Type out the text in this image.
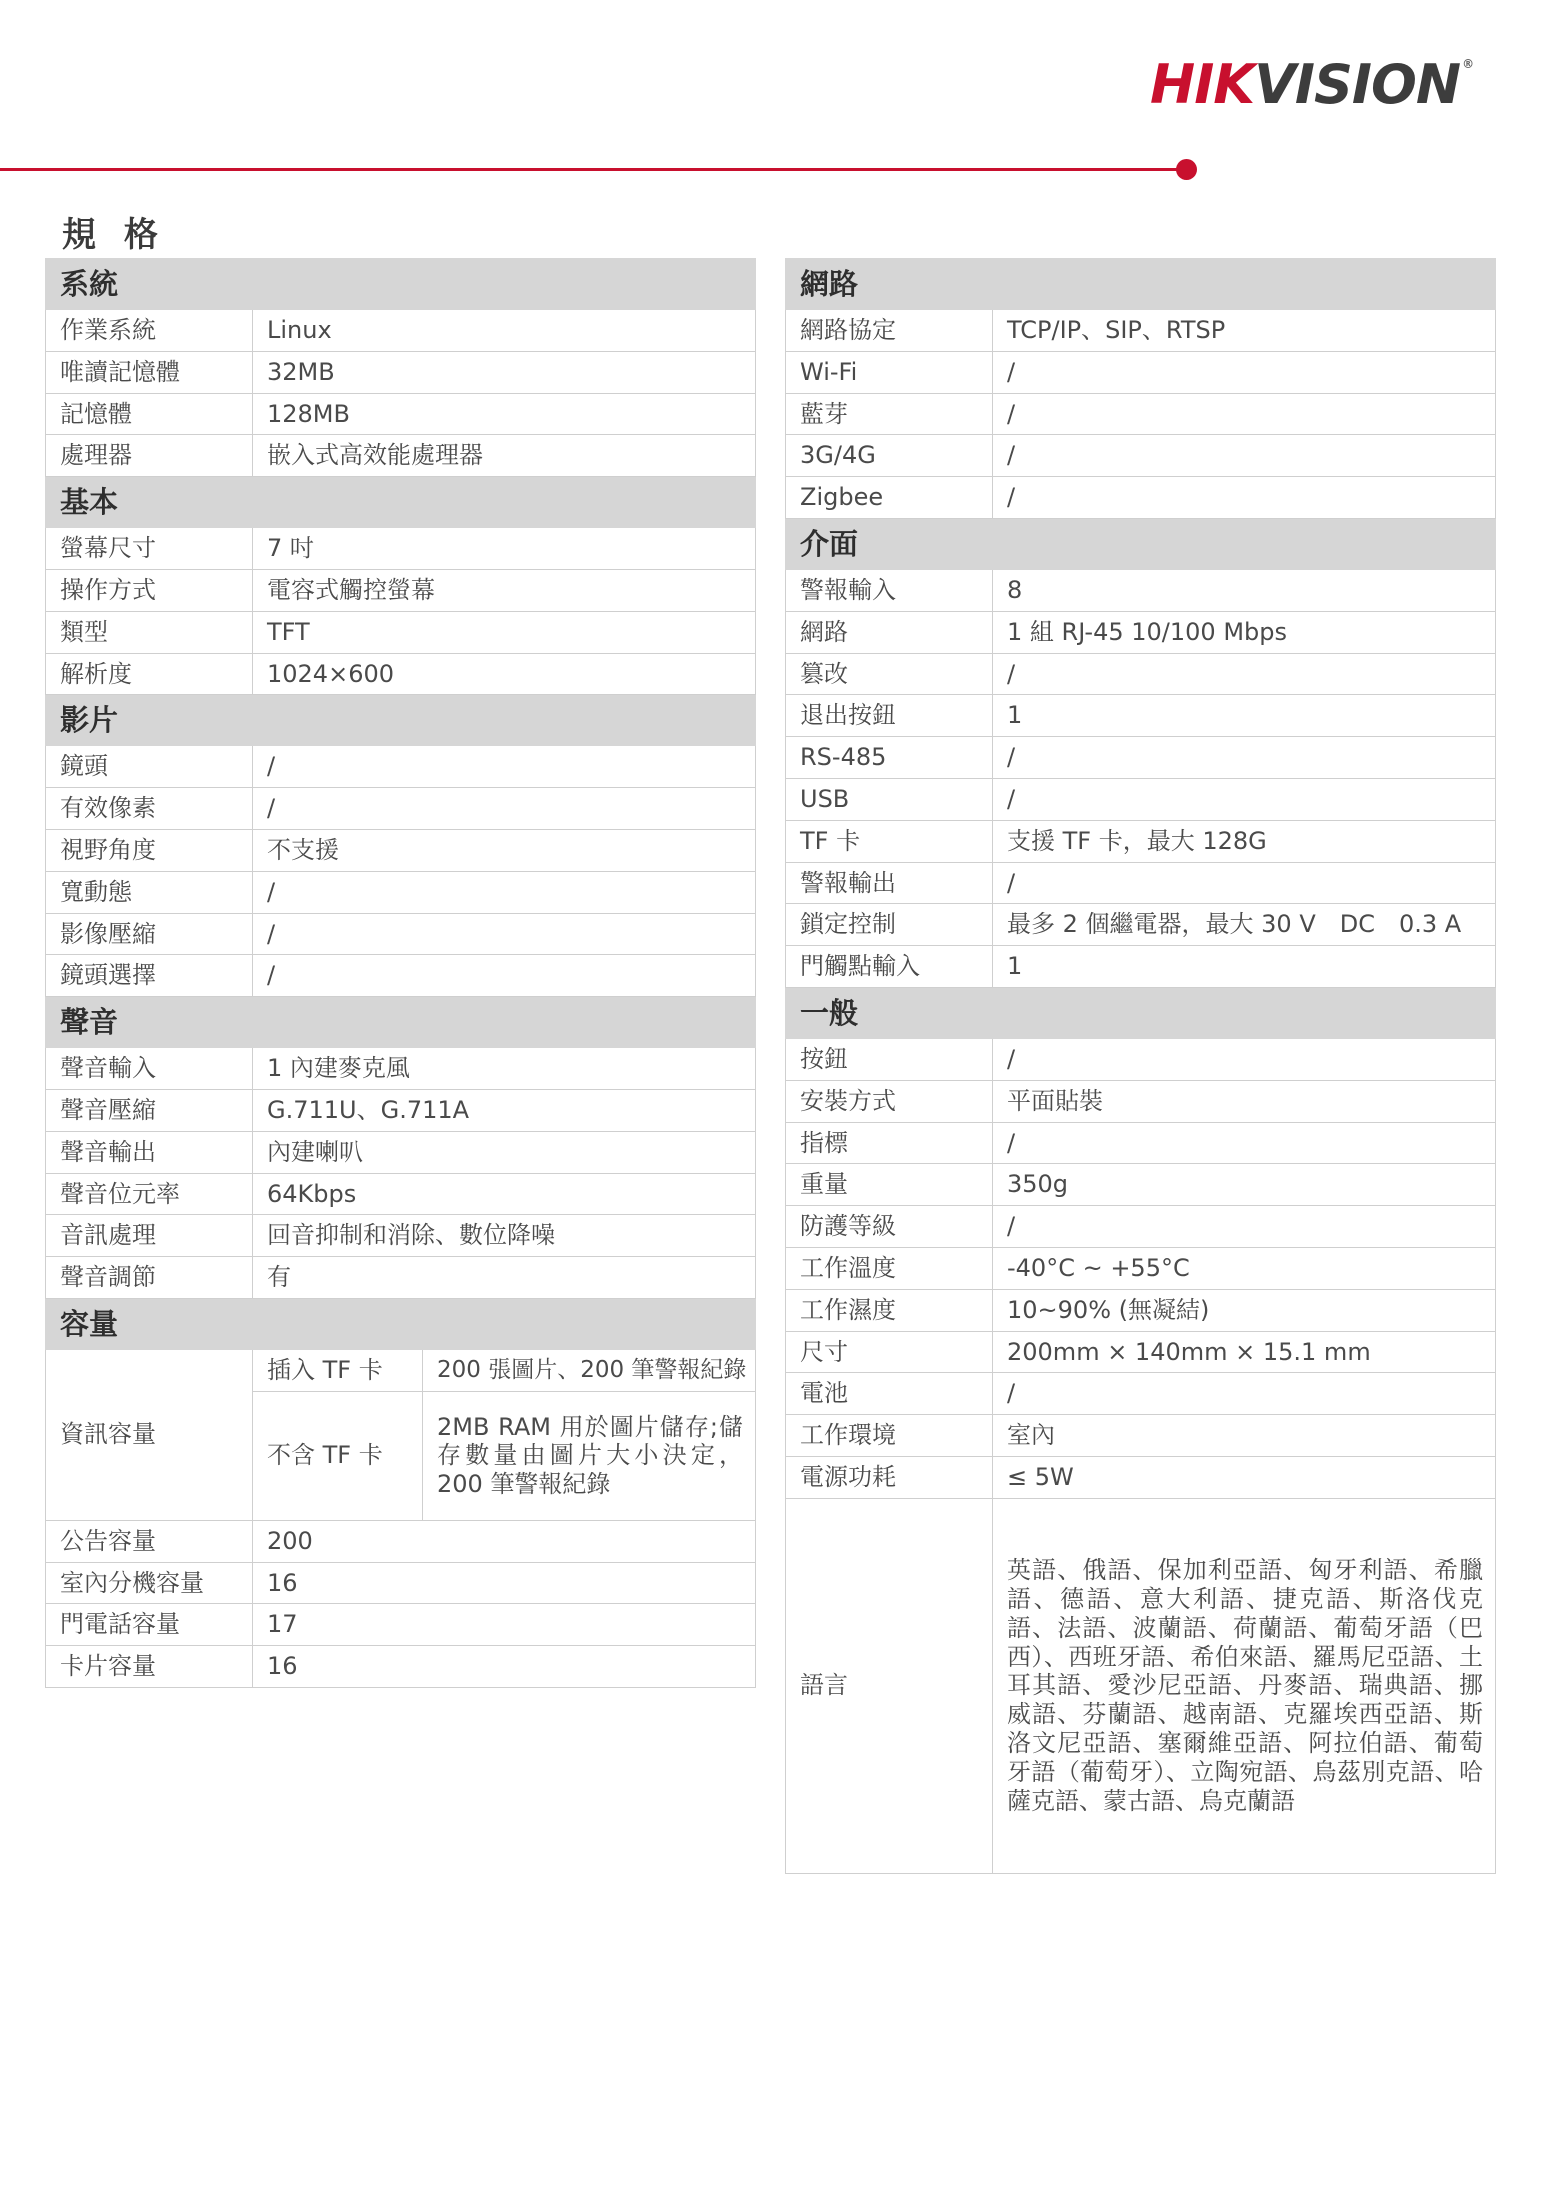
HIKVISION ®
規 格
系統		
作業系統	Linux	
唯讀記憶體	32MB	
記憶體	128MB	
處理器	嵌入式高效能處理器	
基本		
螢幕尺寸	7 吋	
操作方式	電容式觸控螢幕	
類型	TFT	
解析度	1024×600	
影片		
鏡頭	/	
有效像素	/	
視野角度	不支援	
寬動態	/	
影像壓縮	/	
鏡頭選擇	/	
聲音		
聲音輸入	1 內建麥克風	
聲音壓縮	G.711U、G.711A	
聲音輸出	內建喇叭	
聲音位元率	64Kbps	
音訊處理	回音抑制和消除、數位降噪	
聲音調節	有	
容量		
資訊容量	插入 TF 卡	200 張圖片、200 筆警報紀錄
	不含 TF 卡	2MB RAM 用於圖片儲存;儲存數量由圖片大小決定，200 筆警報紀錄
公告容量	200	
室內分機容量	16	
門電話容量	17	
卡片容量	16	
網路	
網路協定	TCP/IP、SIP、RTSP
Wi-Fi	/
藍芽	/
3G/4G	/
Zigbee	/
介面	
警報輸入	8
網路	1 組 RJ-45 10/100 Mbps
篡改	/
退出按鈕	1
RS-485	/
USB	/
TF 卡	支援 TF 卡，最大 128G
警報輸出	/
鎖定控制	最多 2 個繼電器，最大 30 V　DC　0.3 A
門觸點輸入	1
一般	
按鈕	/
安裝方式	平面貼裝
指標	/
重量	350g
防護等級	/
工作溫度	-40°C ~ +55°C
工作濕度	10~90% (無凝結)
尺寸	200mm × 140mm × 15.1 mm
電池	/
工作環境	室內
電源功耗	≤ 5W
語言	英語、俄語、保加利亞語、匈牙利語、希臘語、德語、意大利語、捷克語、斯洛伐克語、法語、波蘭語、荷蘭語、葡萄牙語（巴西）、西班牙語、希伯來語、羅馬尼亞語、土耳其語、愛沙尼亞語、丹麥語、瑞典語、挪威語、芬蘭語、越南語、克羅埃西亞語、斯洛文尼亞語、塞爾維亞語、阿拉伯語、葡萄牙語（葡萄牙）、立陶宛語、烏茲別克語、哈薩克語、蒙古語、烏克蘭語
